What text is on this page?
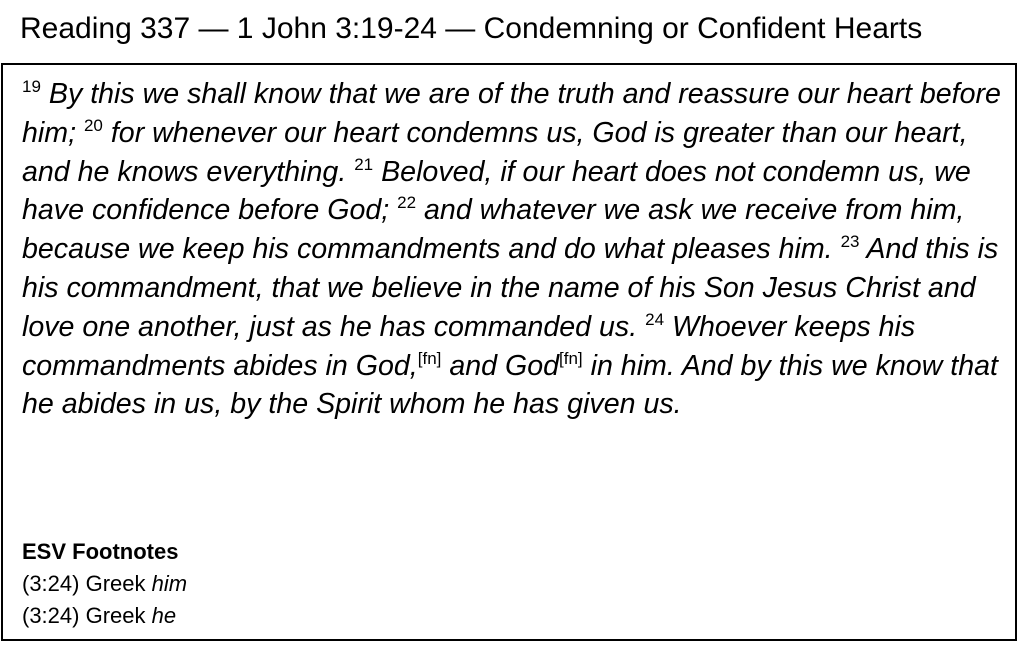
Reading 337 — 1 John 3:19-24 — Condemning or Confident Hearts
$^{19}$ By this we shall know that we are of the truth and reassure our heart before him; $^{20}$ for whenever our heart condemns us, God is greater than our heart, and he knows everything. $^{21}$ Beloved, if our heart does not condemn us, we have confidence before God; $^{22}$ and whatever we ask we receive from him, because we keep his commandments and do what pleases him. $^{23}$ And this is his commandment, that we believe in the name of his Son Jesus Christ and love one another, just as he has commanded us. $^{24}$ Whoever keeps his commandments abides in God,[fn] and God[fn] in him. And by this we know that he abides in us, by the Spirit whom he has given us.
ESV Footnotes
(3:24) Greek him
(3:24) Greek he
